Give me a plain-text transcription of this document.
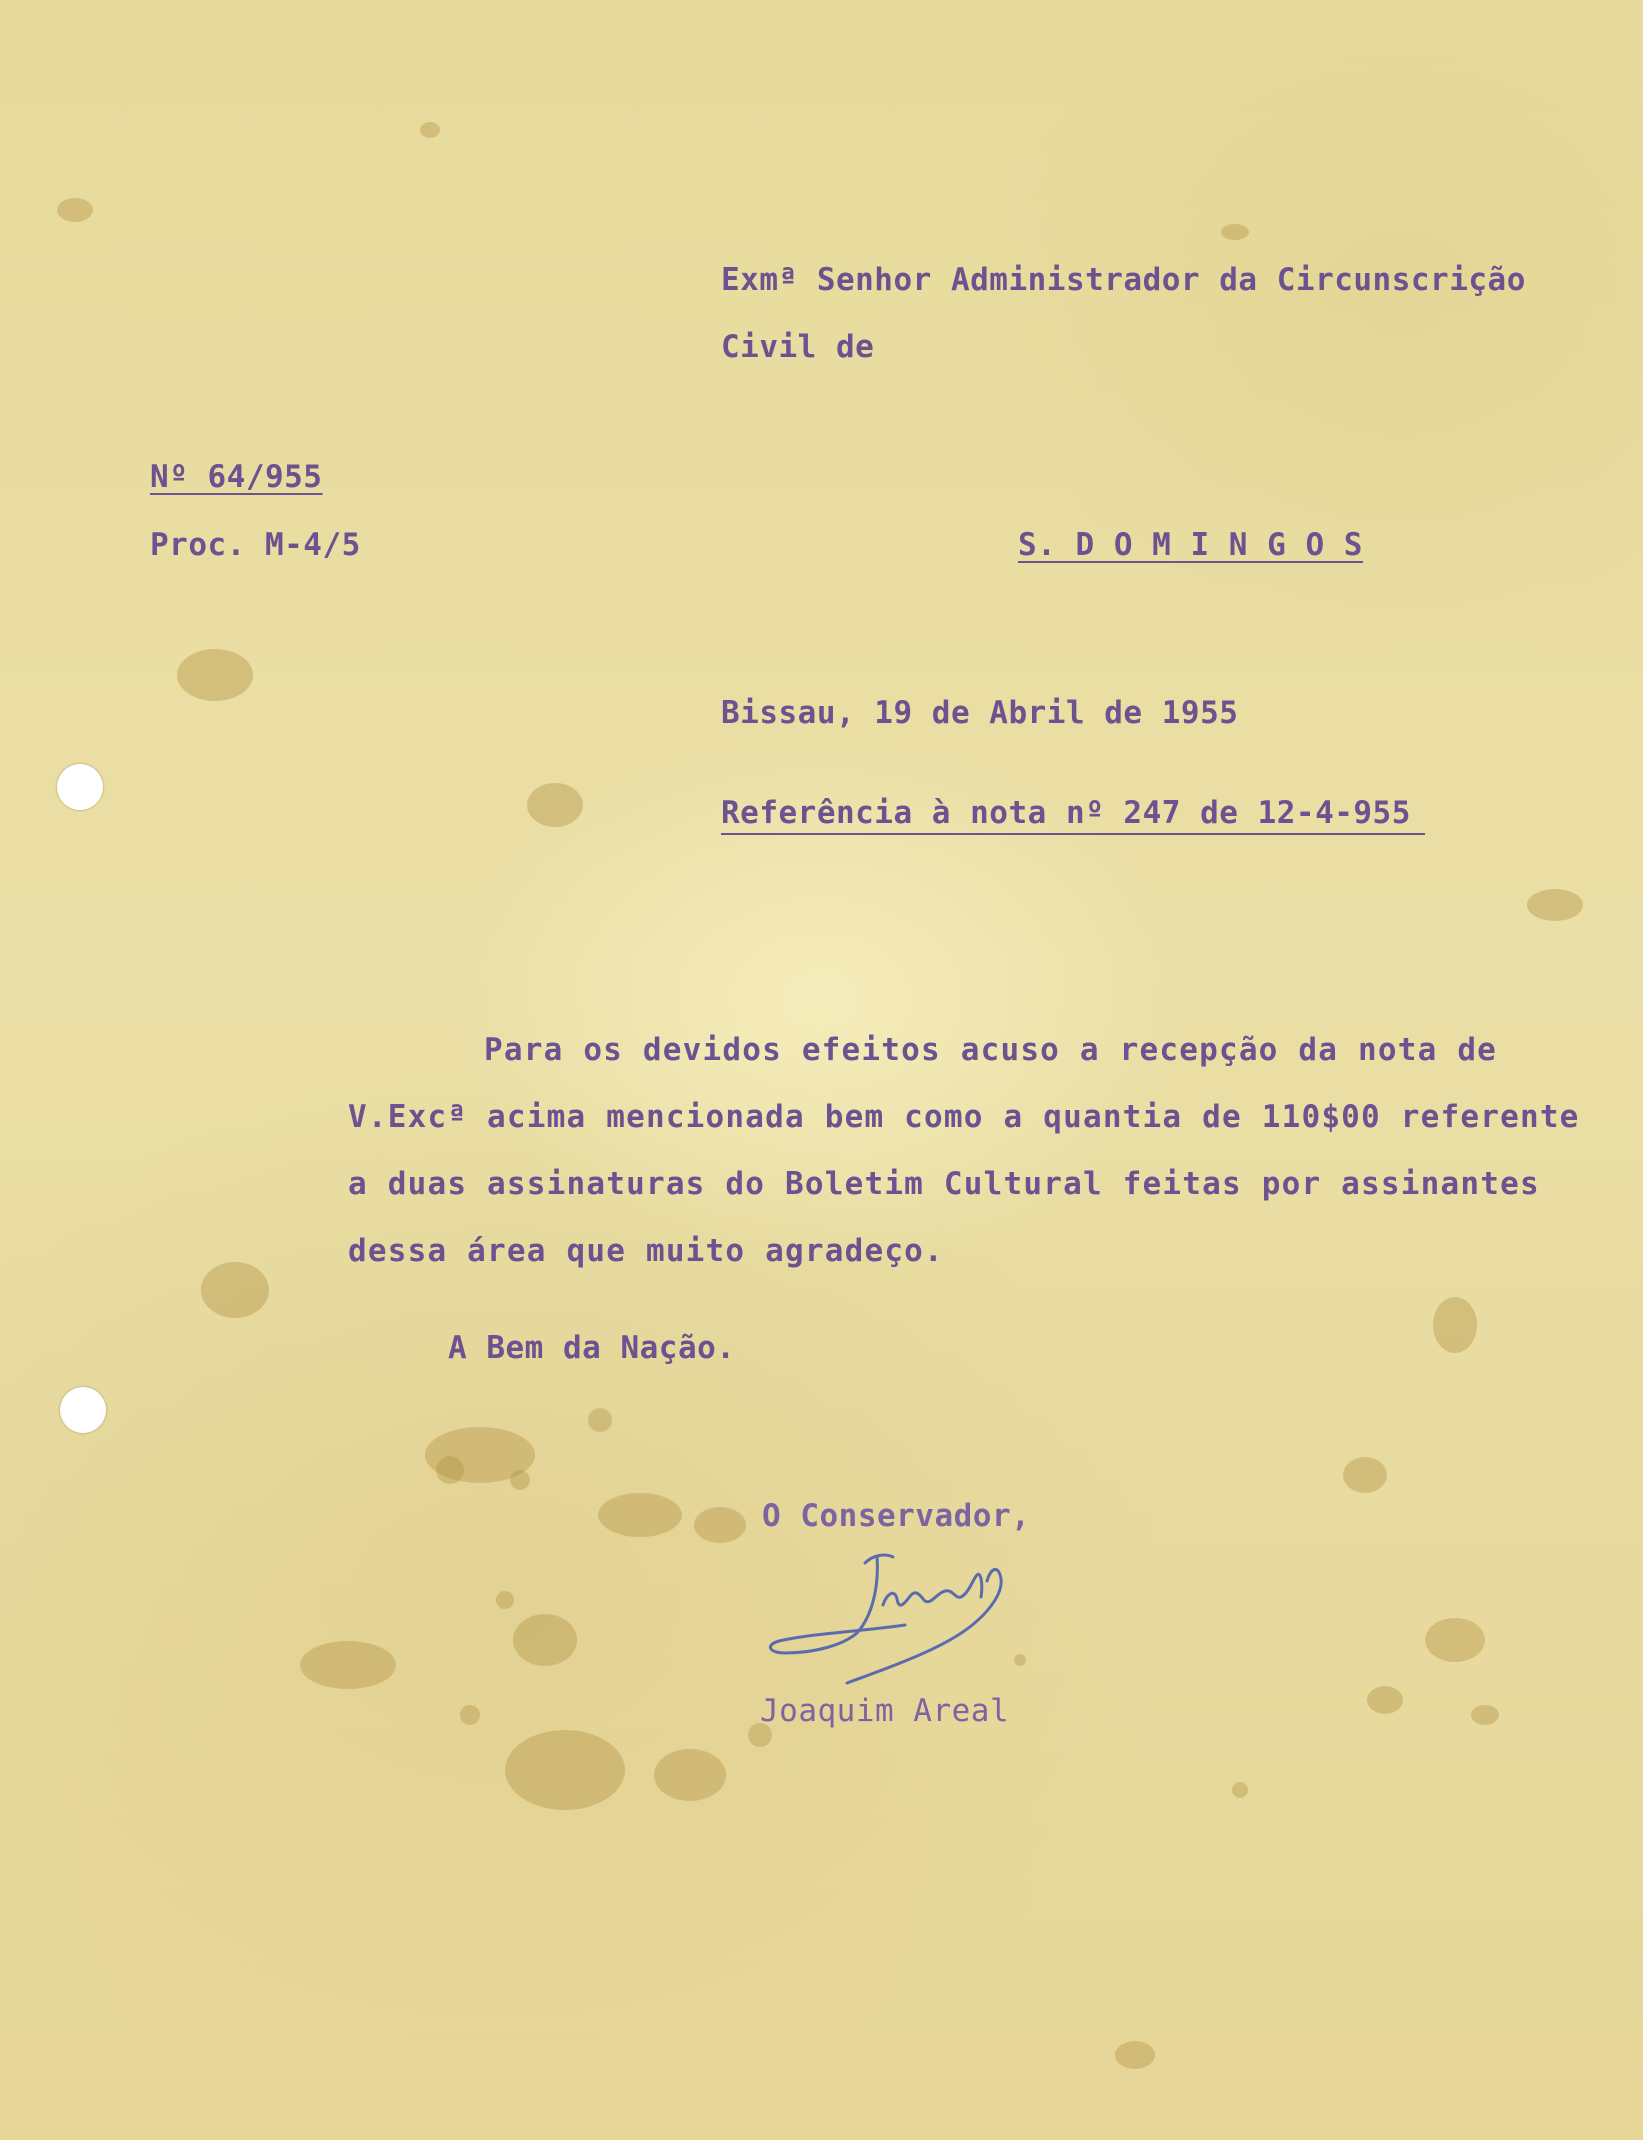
Exmª Senhor Administrador da Circunscrição

Civil de

Nº 64/955

Proc. M-4/5	S. D O M I N G O S

Bissau, 19 de Abril de 1955

Referência à nota nº 247 de 12-4-955

Para os devidos efeitos acuso a recepção da nota de

V.Excª acima mencionada bem como a quantia de 110$00 referente

a duas assinaturas do Boletim Cultural feitas por assinantes

dessa área que muito agradeço.

A Bem da Nação.

O Conservador,

Joaquim Areal
